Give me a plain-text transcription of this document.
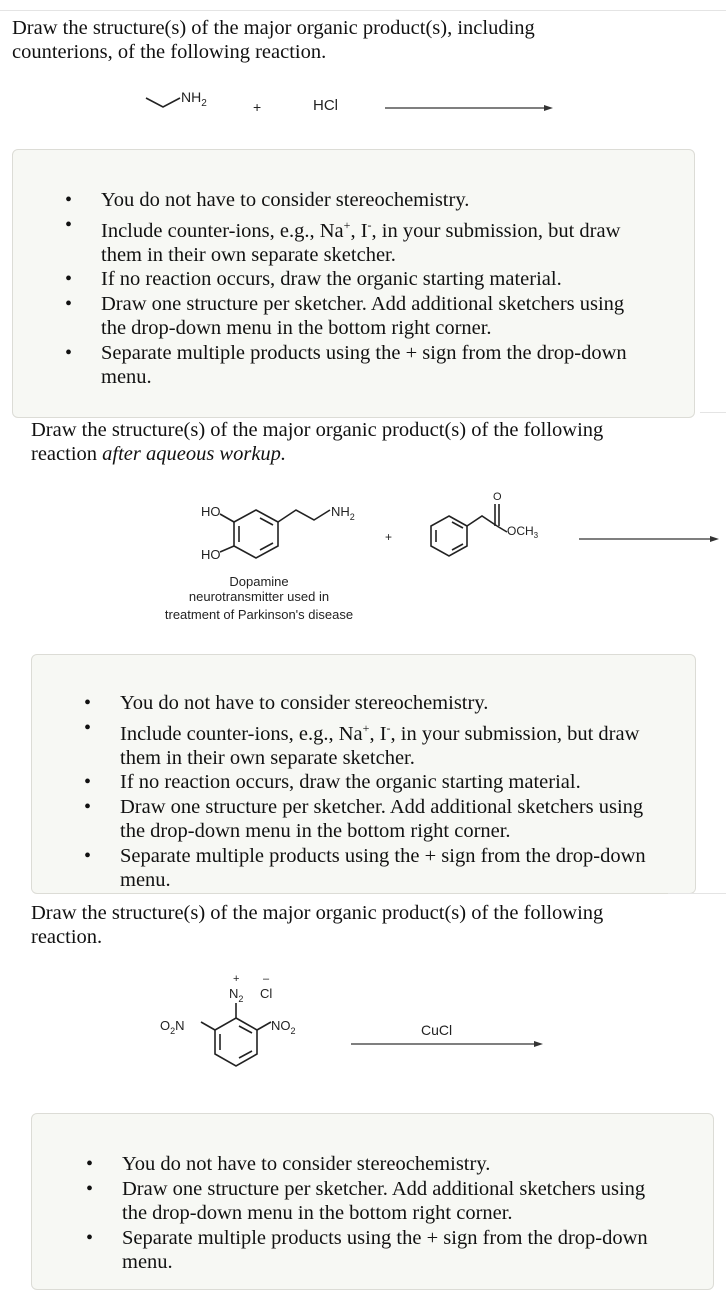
Draw the structure(s) of the major organic product(s), including
counterions, of the following reaction.
$NH_2$	+	HCl
• You do not have to consider stereochemistry.
• Include counter-ions, e.g., Na+, I-, in your submission, but draw
them in their own separate sketcher.
• If no reaction occurs, draw the organic starting material.
• Draw one structure per sketcher. Add additional sketchers using
the drop-down menu in the bottom right corner.
• Separate multiple products using the + sign from the drop-down
menu.
Draw the structure(s) of the major organic product(s) of the following
reaction after aqueous workup.
HO
HO
$NH_2$
Dopamine
neurotransmitter used in
treatment of Parkinson's disease
+
O
$OCH_3$
• You do not have to consider stereochemistry.
• Include counter-ions, e.g., Na+, I-, in your submission, but draw
them in their own separate sketcher.
• If no reaction occurs, draw the organic starting material.
• Draw one structure per sketcher. Add additional sketchers using
the drop-down menu in the bottom right corner.
• Separate multiple products using the + sign from the drop-down
menu.
Draw the structure(s) of the major organic product(s) of the following
reaction.
+ –
$N_2$ Cl
$O_2N$	$NO_2$	CuCl
• You do not have to consider stereochemistry.
• Draw one structure per sketcher. Add additional sketchers using
the drop-down menu in the bottom right corner.
• Separate multiple products using the + sign from the drop-down
menu.
